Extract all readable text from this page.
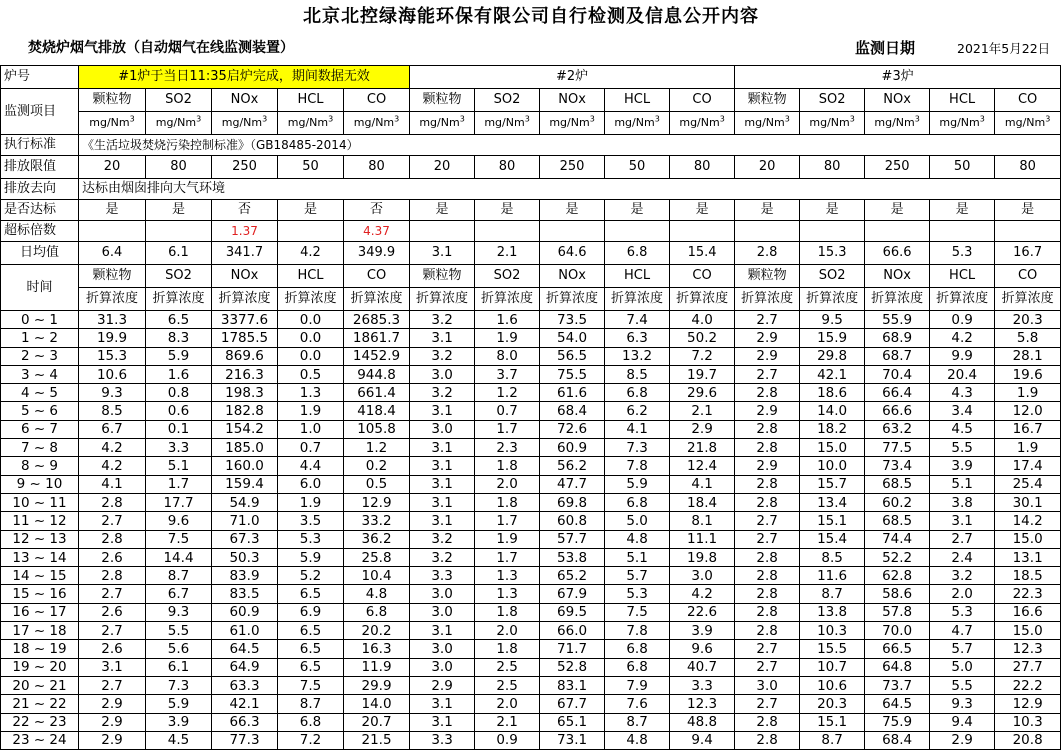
北京北控绿海能环保有限公司自行检测及信息公开内容
焚烧炉烟气排放（自动烟气在线监测装置）	监测日期	2021年5月22日
炉号	#1炉于当日11:35启炉完成，期间数据无效					#2炉					#3炉				
监测项目	颗粒物	SO2	NOx	HCL	CO	颗粒物	SO2	NOx	HCL	CO	颗粒物	SO2	NOx	HCL	CO
	mg/Nm$^3$	mg/Nm$^3$	mg/Nm$^3$	mg/Nm$^3$	mg/Nm$^3$	mg/Nm$^3$	mg/Nm$^3$	mg/Nm$^3$	mg/Nm$^3$	mg/Nm$^3$	mg/Nm$^3$	mg/Nm$^3$	mg/Nm$^3$	mg/Nm$^3$	mg/Nm$^3$
执行标准	《生活垃圾焚烧污染控制标准》（GB18485-2014）														
排放限值	20	80	250	50	80	20	80	250	50	80	20	80	250	50	80
排放去向	达标由烟囱排向大气环境														
是否达标	是	是	否	是	否	是	是	是	是	是	是	是	是	是	是
超标倍数			1.37		4.37										
日均值	6.4	6.1	341.7	4.2	349.9	3.1	2.1	64.6	6.8	15.4	2.8	15.3	66.6	5.3	16.7
时间	颗粒物	SO2	NOx	HCL	CO	颗粒物	SO2	NOx	HCL	CO	颗粒物	SO2	NOx	HCL	CO
	折算浓度	折算浓度	折算浓度	折算浓度	折算浓度	折算浓度	折算浓度	折算浓度	折算浓度	折算浓度	折算浓度	折算浓度	折算浓度	折算浓度	折算浓度
0 ~ 1	31.3	6.5	3377.6	0.0	2685.3	3.2	1.6	73.5	7.4	4.0	2.7	9.5	55.9	0.9	20.3
1 ~ 2	19.9	8.3	1785.5	0.0	1861.7	3.1	1.9	54.0	6.3	50.2	2.9	15.9	68.9	4.2	5.8
2 ~ 3	15.3	5.9	869.6	0.0	1452.9	3.2	8.0	56.5	13.2	7.2	2.9	29.8	68.7	9.9	28.1
3 ~ 4	10.6	1.6	216.3	0.5	944.8	3.0	3.7	75.5	8.5	19.7	2.7	42.1	70.4	20.4	19.6
4 ~ 5	9.3	0.8	198.3	1.3	661.4	3.2	1.2	61.6	6.8	29.6	2.8	18.6	66.4	4.3	1.9
5 ~ 6	8.5	0.6	182.8	1.9	418.4	3.1	0.7	68.4	6.2	2.1	2.9	14.0	66.6	3.4	12.0
6 ~ 7	6.7	0.1	154.2	1.0	105.8	3.0	1.7	72.6	4.1	2.9	2.8	18.2	63.2	4.5	16.7
7 ~ 8	4.2	3.3	185.0	0.7	1.2	3.1	2.3	60.9	7.3	21.8	2.8	15.0	77.5	5.5	1.9
8 ~ 9	4.2	5.1	160.0	4.4	0.2	3.1	1.8	56.2	7.8	12.4	2.9	10.0	73.4	3.9	17.4
9 ~ 10	4.1	1.7	159.4	6.0	0.5	3.1	2.0	47.7	5.9	4.1	2.8	15.7	68.5	5.1	25.4
10 ~ 11	2.8	17.7	54.9	1.9	12.9	3.1	1.8	69.8	6.8	18.4	2.8	13.4	60.2	3.8	30.1
11 ~ 12	2.7	9.6	71.0	3.5	33.2	3.1	1.7	60.8	5.0	8.1	2.7	15.1	68.5	3.1	14.2
12 ~ 13	2.8	7.5	67.3	5.3	36.2	3.2	1.9	57.7	4.8	11.1	2.7	15.4	74.4	2.7	15.0
13 ~ 14	2.6	14.4	50.3	5.9	25.8	3.2	1.7	53.8	5.1	19.8	2.8	8.5	52.2	2.4	13.1
14 ~ 15	2.8	8.7	83.9	5.2	10.4	3.3	1.3	65.2	5.7	3.0	2.8	11.6	62.8	3.2	18.5
15 ~ 16	2.7	6.7	83.5	6.5	4.8	3.0	1.3	67.9	5.3	4.2	2.8	8.7	58.6	2.0	22.3
16 ~ 17	2.6	9.3	60.9	6.9	6.8	3.0	1.8	69.5	7.5	22.6	2.8	13.8	57.8	5.3	16.6
17 ~ 18	2.7	5.5	61.0	6.5	20.2	3.1	2.0	66.0	7.8	3.9	2.8	10.3	70.0	4.7	15.0
18 ~ 19	2.6	5.6	64.5	6.5	16.3	3.0	1.8	71.7	6.8	9.6	2.7	15.5	66.5	5.7	12.3
19 ~ 20	3.1	6.1	64.9	6.5	11.9	3.0	2.5	52.8	6.8	40.7	2.7	10.7	64.8	5.0	27.7
20 ~ 21	2.7	7.3	63.3	7.5	29.9	2.9	2.5	83.1	7.9	3.3	3.0	10.6	73.7	5.5	22.2
21 ~ 22	2.9	5.9	42.1	8.7	14.0	3.1	2.0	67.7	7.6	12.3	2.7	20.3	64.5	9.3	12.9
22 ~ 23	2.9	3.9	66.3	6.8	20.7	3.1	2.1	65.1	8.7	48.8	2.8	15.1	75.9	9.4	10.3
23 ~ 24	2.9	4.5	77.3	7.2	21.5	3.3	0.9	73.1	4.8	9.4	2.8	8.7	68.4	2.9	20.8
